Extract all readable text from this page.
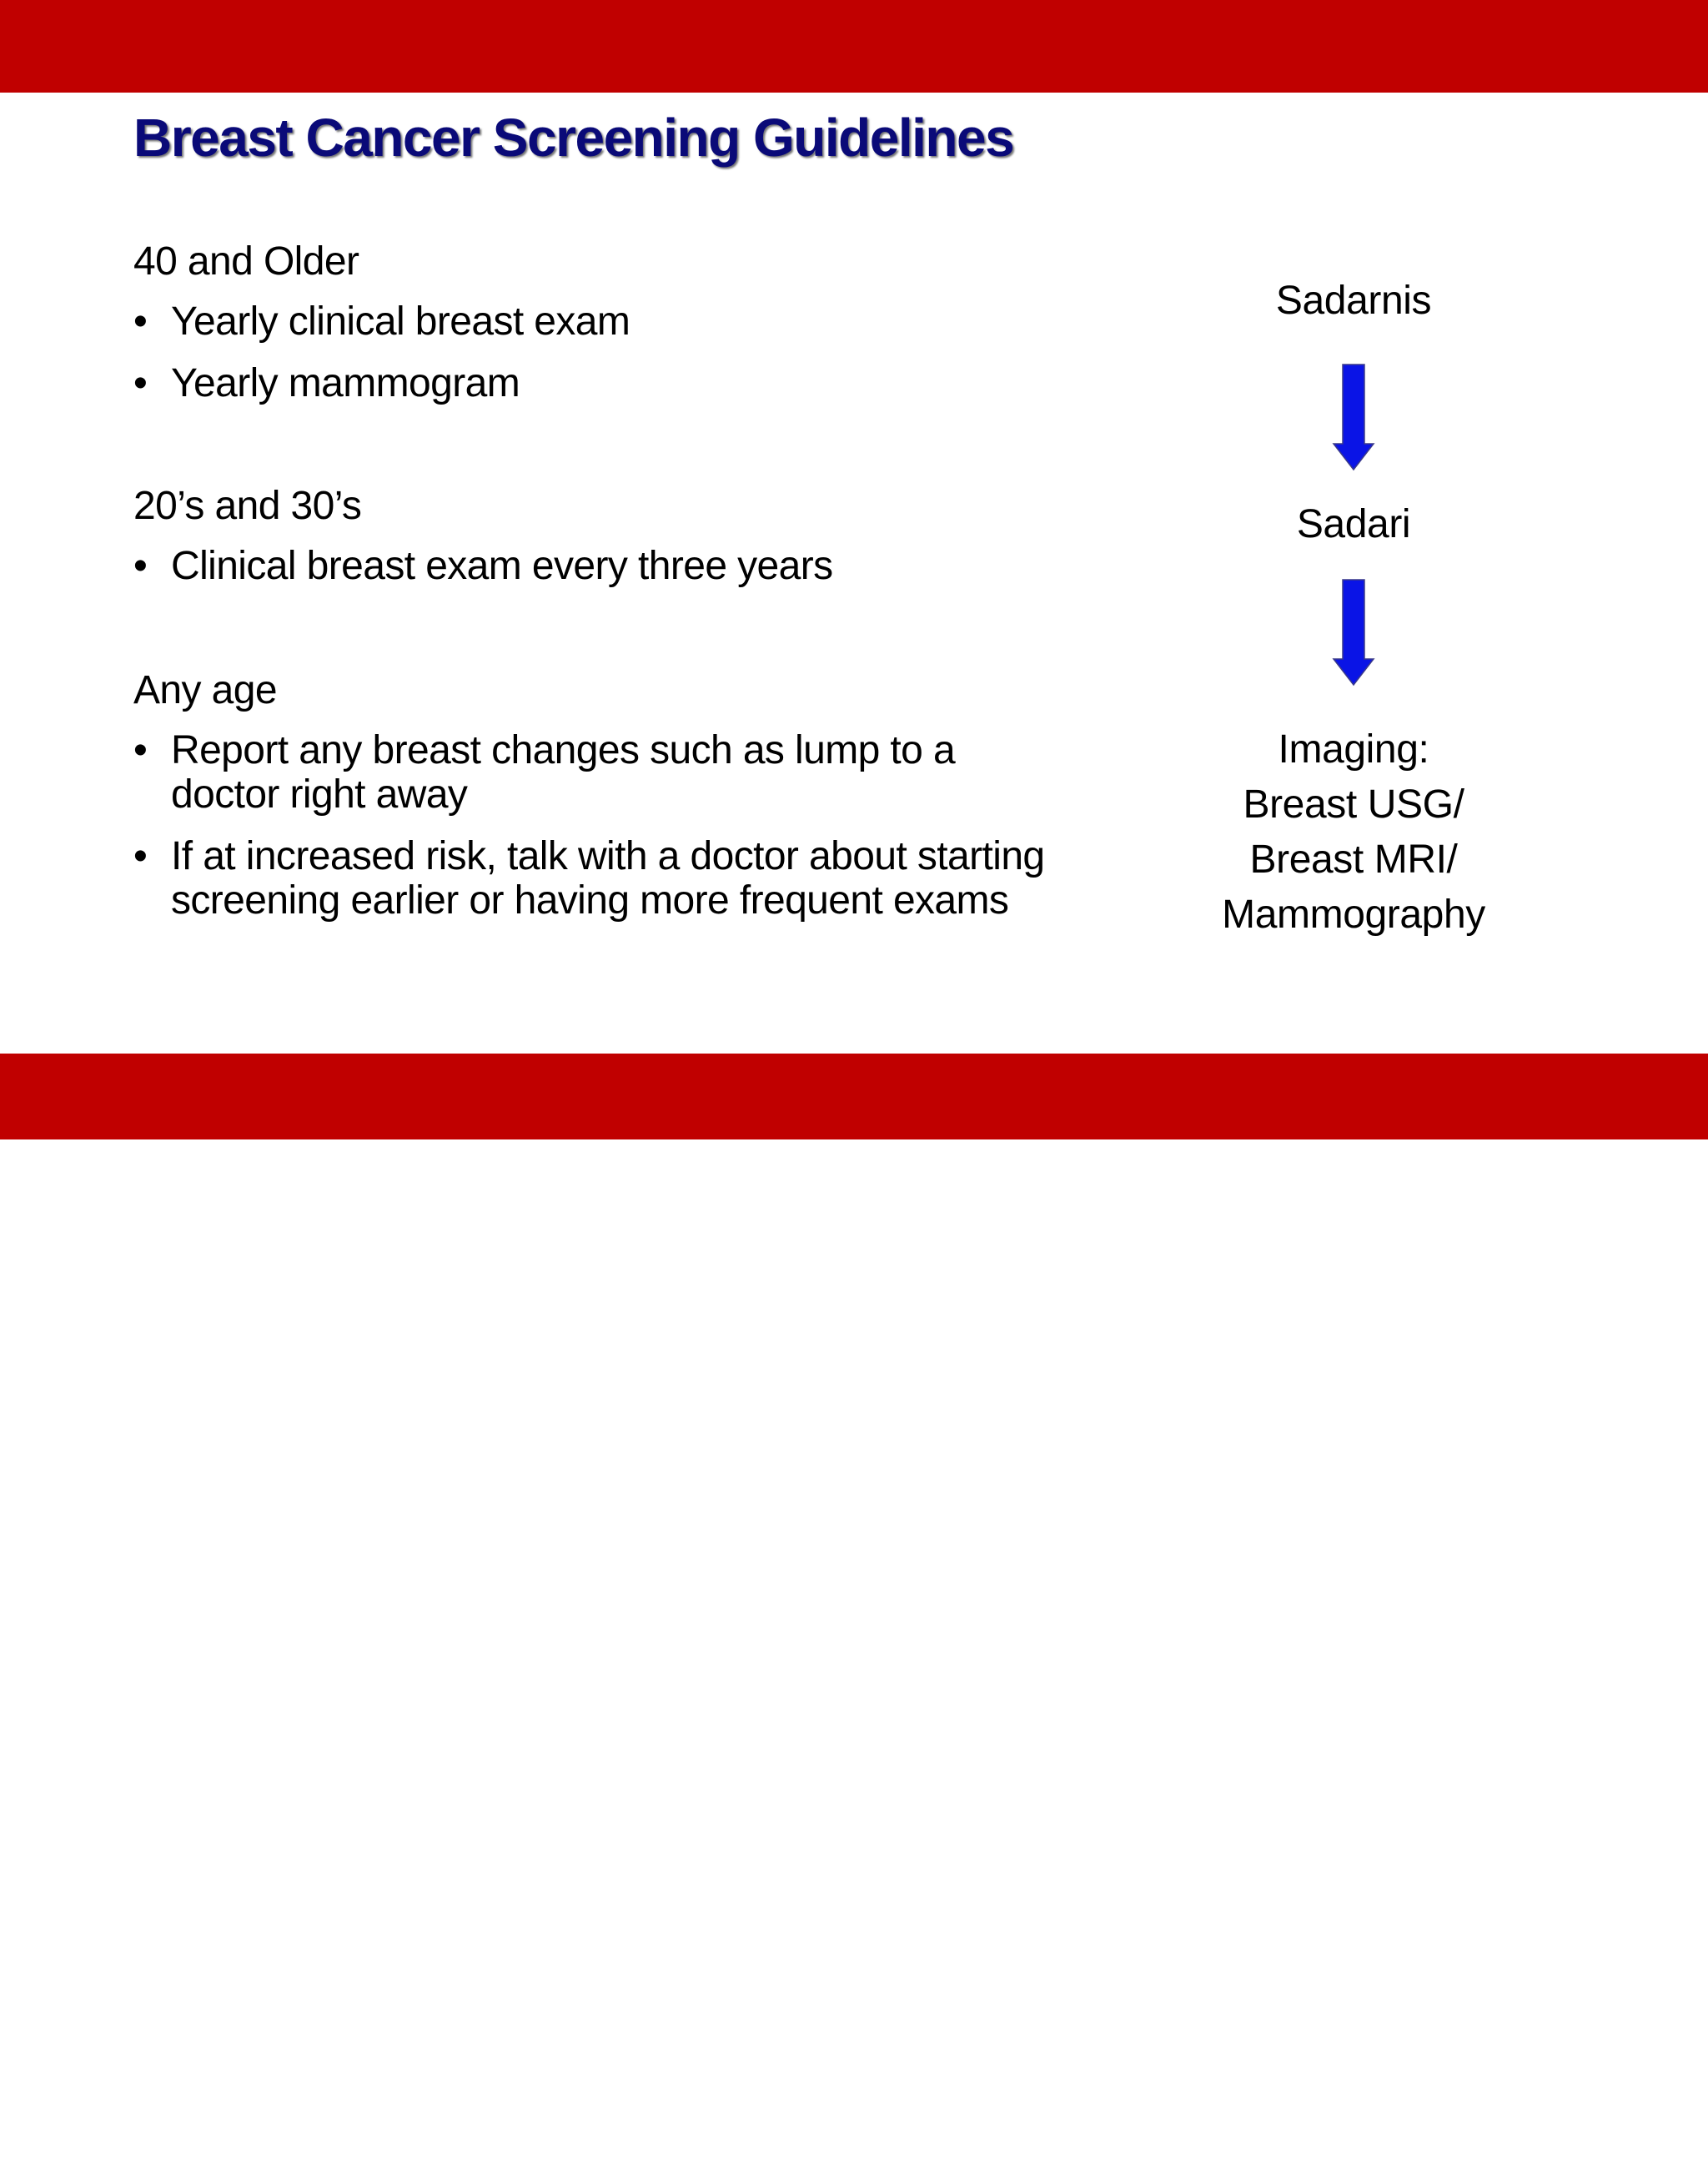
Breast Cancer Screening Guidelines

40 and Older

• Yearly clinical breast exam
• Yearly mammogram

20’s and 30’s

• Clinical breast exam every three years

Any age

• Report any breast changes such as lump to a doctor right away
• If at increased risk, talk with a doctor about starting screening earlier or having more frequent exams
Sadarnis
Sadari
Imaging:
Breast USG/
Breast MRI/
Mammography
Sheppard AJ, et al. Can J Public Health. 2010;101(1):101-105.
